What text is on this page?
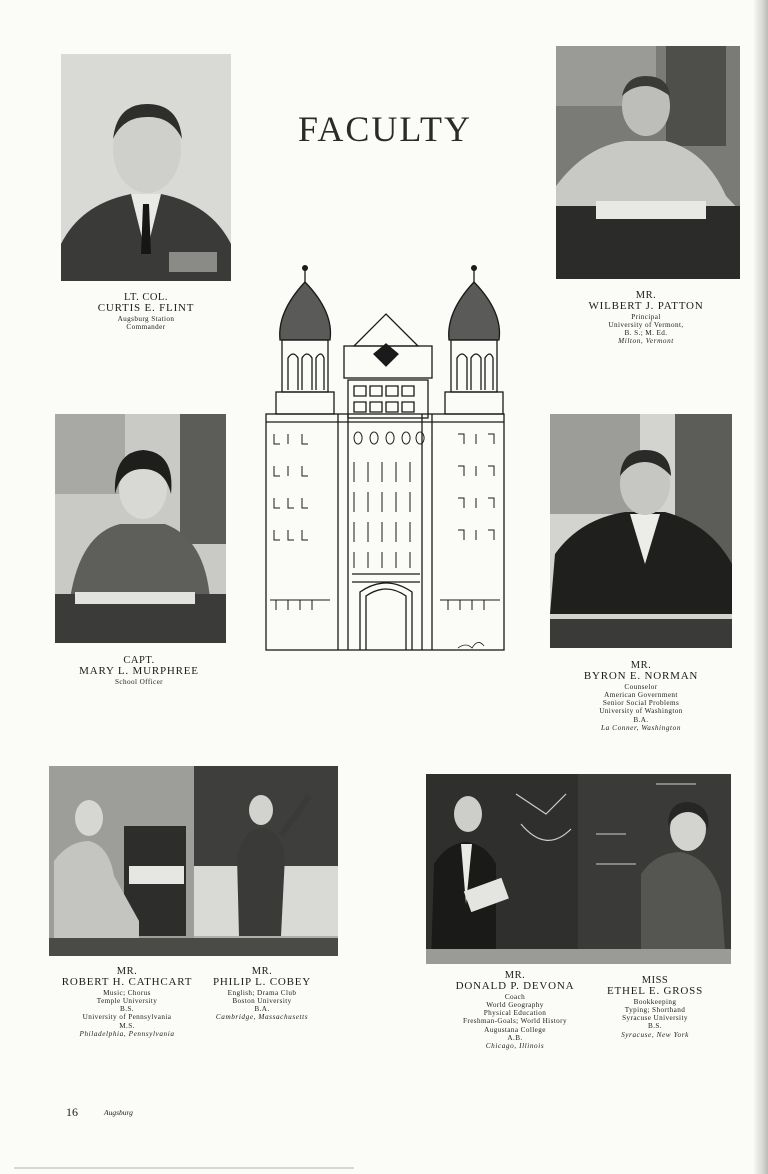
FACULTY
LT. COL.
CURTIS E. FLINT
Augsburg Station
Commander
MR.
WILBERT J. PATTON
Principal
University of Vermont,
B. S.; M. Ed.
Milton, Vermont
CAPT.
MARY L. MURPHREE
School Officer
MR.
BYRON E. NORMAN
Counselor
American Government
Senior Social Problems
University of Washington
B.A.
La Conner, Washington
MR.
ROBERT H. CATHCART
Music; Chorus
Temple University
B.S.
University of Pennsylvania
M.S.
Philadelphia, Pennsylvania
MR.
PHILIP L. COBEY
English; Drama Club
Boston University
B.A.
Cambridge, Massachusetts
MR.
DONALD P. DEVONA
Coach
World Geography
Physical Education
Freshman-Goals; World History
Augustana College
A.B.
Chicago, Illinois
MISS
ETHEL E. GROSS
Bookkeeping
Typing; Shorthand
Syracuse University
B.S.
Syracuse, New York
16	Augsburg
